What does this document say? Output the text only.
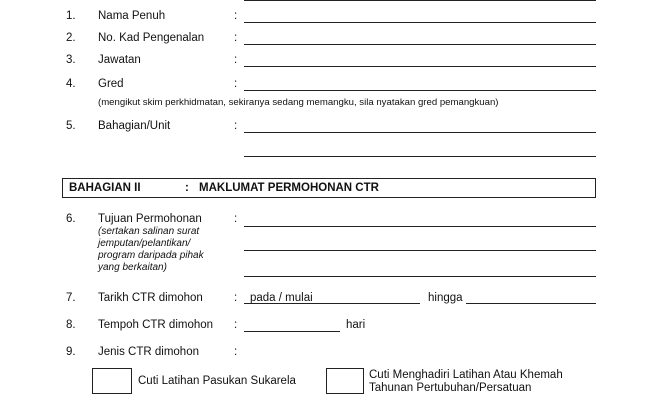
1. Nama Penuh	:
2. No. Kad Pengenalan	:
3. Jawatan	:
4. Gred	:
(mengikut skim perkhidmatan, sekiranya sedang memangku, sila nyatakan gred pemangkuan)
5. Bahagian/Unit	:
BAHAGIAN II	: MAKLUMAT PERMOHONAN CTR
6. Tujuan Permohonan	:
(sertakan salinan surat jemputan/pelantikan/ program daripada pihak yang berkaitan)
7. Tarikh CTR dimohon	: pada / mulai	hingga
8. Tempoh CTR dimohon :	hari
9. Jenis CTR dimohon	:
Cuti Latihan Pasukan Sukarela	Cuti Menghadiri Latihan Atau Khemah Tahunan Pertubuhan/Persatuan
